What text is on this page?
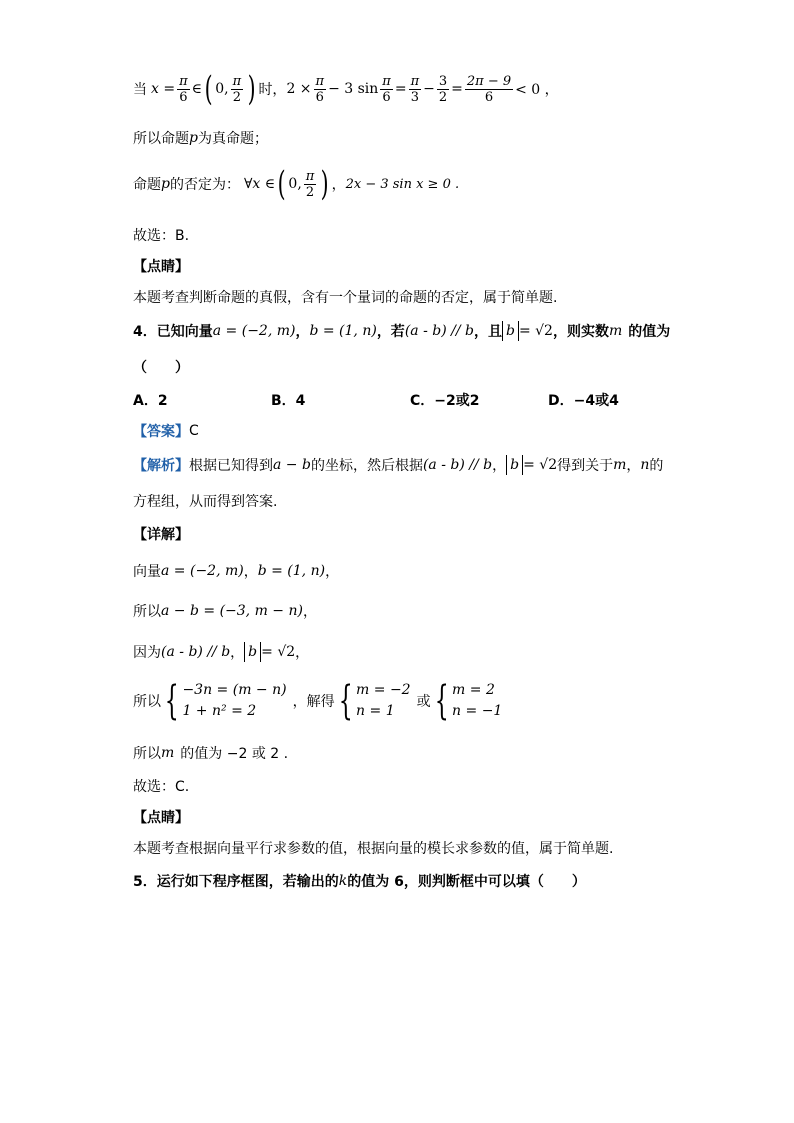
当 $x = \frac{\pi}{6}$ ∈ ( 0, $\frac{\pi}{2}$ ) 时， $2 \times \frac{\pi}{6} - 3$ $\sin \frac{\pi}{6} = \frac{\pi}{3} - \frac{3}{2} = \frac{2\pi - 9}{6} < 0$ ，
所以命题 p 为真命题；
命题 p 的否定为： ∀x ∈ ( 0, $\frac{\pi}{2}$ ) ， 2x − 3 sin x ≥ 0 .
故选：B.
【点睛】
本题考查判断命题的真假，含有一个量词的命题的否定，属于简单题.
4．已知向量 a = (−2, m) ， b = (1, n) ，若 (a - b) // b ，且 b = √2 ，则实数 m 的值为
（　　）
A．2	B．4	C．−2或2	D．−4或4
【答案】 C
【解析】 根据已知得到 a − b 的坐标，然后根据 (a - b) // b ， b = √2 得到关于 m ， n 的
方程组，从而得到答案.
【详解】
向量 a = (−2, m) ， b = (1, n) ，
所以 a − b = (−3, m − n) ，
因为 (a - b) // b ， b = √2 ，
所以 { −3n = (m − n)
1 + n² = 2
，解得 { m = −2
n = 1
或 { m = 2
n = −1
所以 m 的值为 −2 或 2 .
故选：C.
【点睛】
本题考查根据向量平行求参数的值，根据向量的模长求参数的值，属于简单题.
5．运行如下程序框图，若输出的 k 的值为 6，则判断框中可以填（　　）
